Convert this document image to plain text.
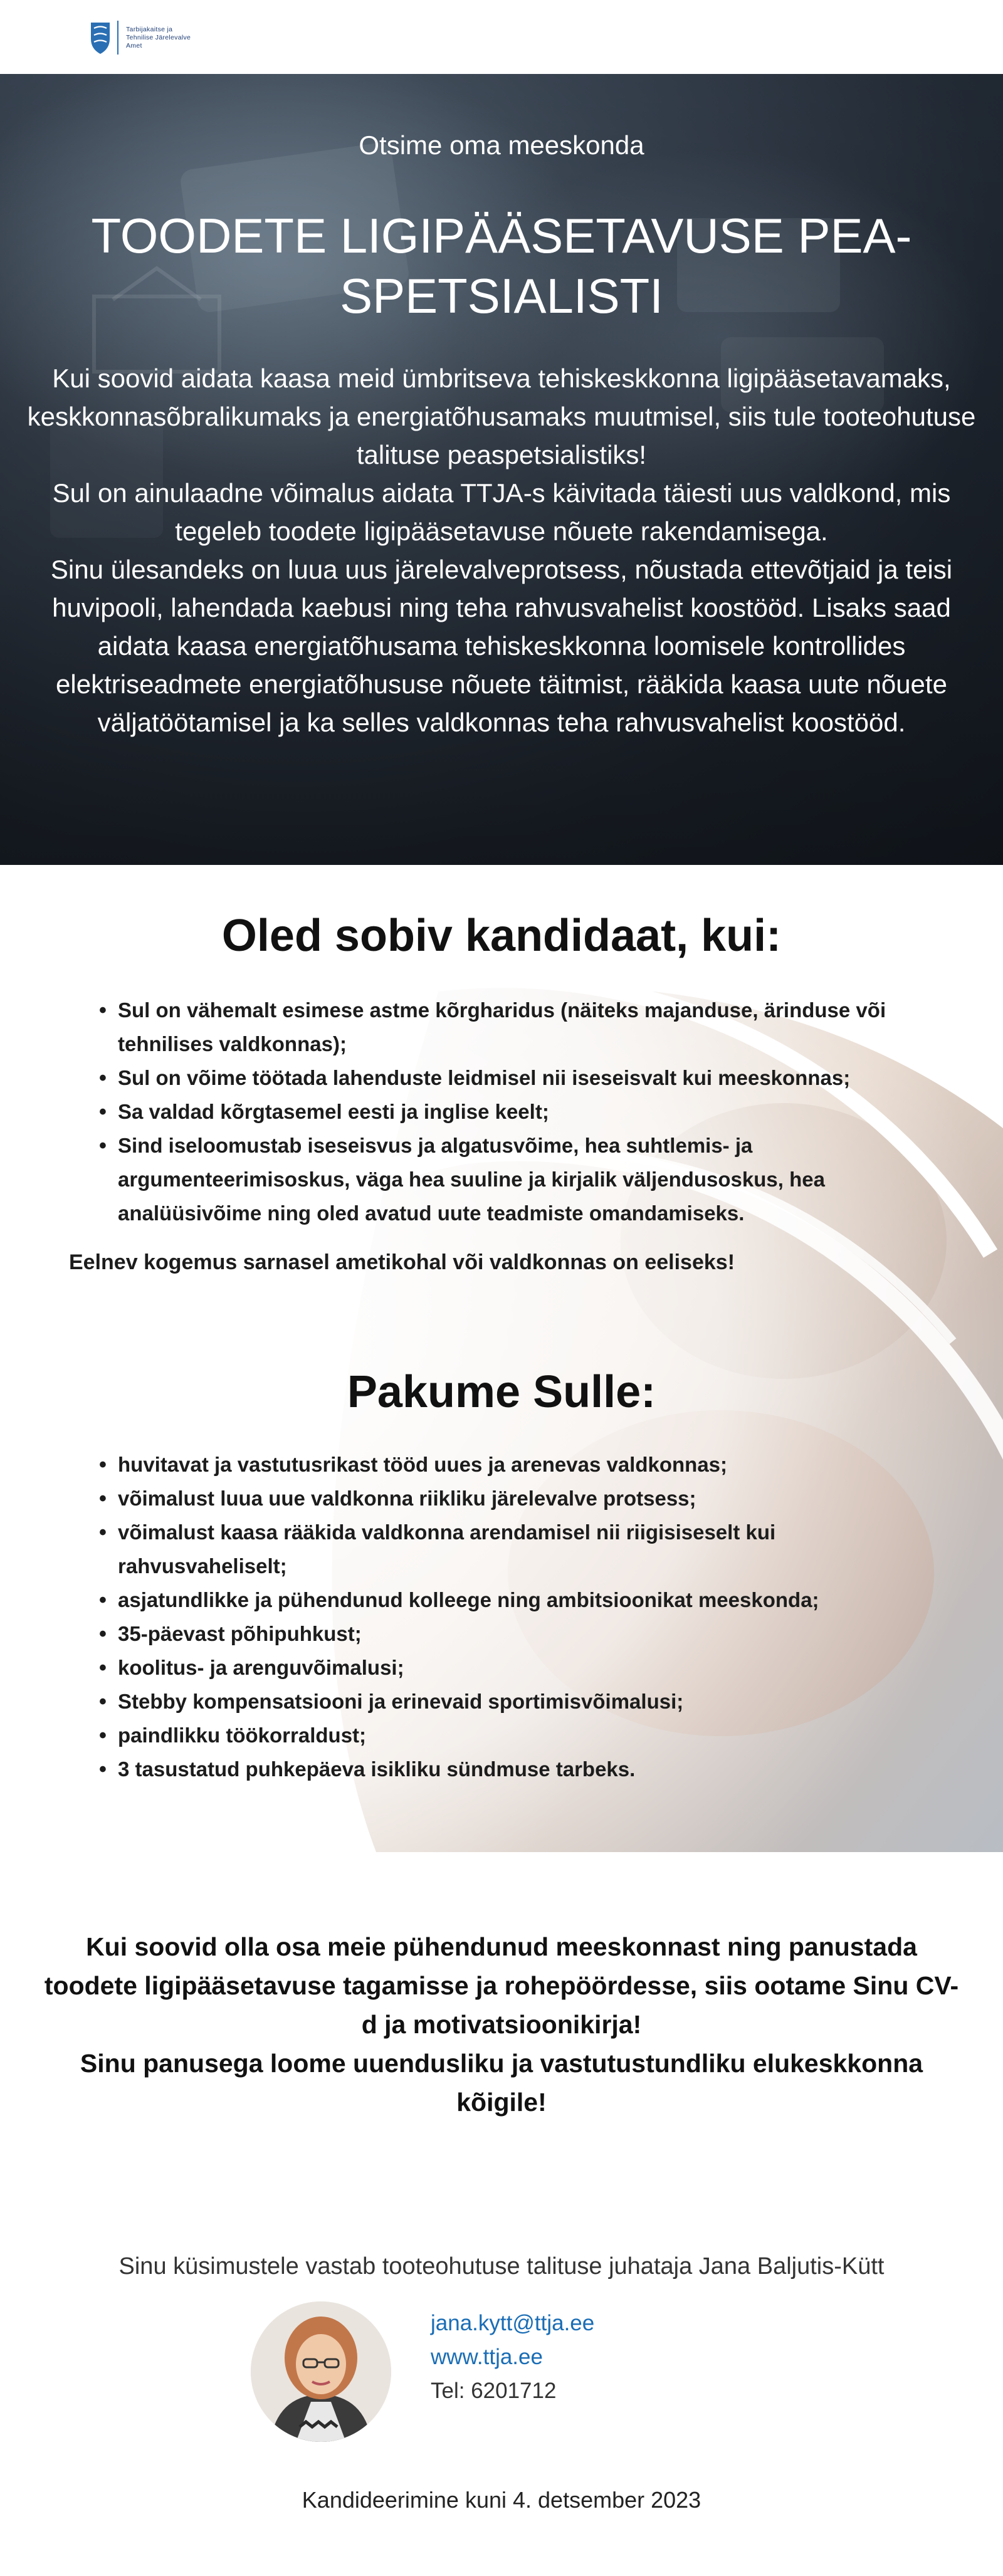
Tarbijakaitse ja
Tehnilise Järelevalve
Amet
Otsime oma meeskonda
TOODETE LIGIPÄÄSETAVUSE PEA-SPETSIALISTI

Kui soovid aidata kaasa meid ümbritseva tehiskeskkonna ligipääsetavamaks, keskkonnasõbralikumaks ja energiatõhusamaks muutmisel, siis tule tooteohutuse talituse peaspetsialistiks!

Sul on ainulaadne võimalus aidata TTJA-s käivitada täiesti uus valdkond, mis tegeleb toodete ligipääsetavuse nõuete rakendamisega.

Sinu ülesandeks on luua uus järelevalveprotsess, nõustada ettevõtjaid ja teisi huvipooli, lahendada kaebusi ning teha rahvusvahelist koostööd. Lisaks saad aidata kaasa energiatõhusama tehiskeskkonna loomisele kontrollides elektriseadmete energiatõhususe nõuete täitmist, rääkida kaasa uute nõuete väljatöötamisel ja ka selles valdkonnas teha rahvusvahelist koostööd.

Oled sobiv kandidaat, kui:
• Sul on vähemalt esimese astme kõrgharidus (näiteks majanduse, ärinduse või tehnilises valdkonnas);
• Sul on võime töötada lahenduste leidmisel nii iseseisvalt kui meeskonnas;
• Sa valdad kõrgtasemel eesti ja inglise keelt;
• Sind iseloomustab iseseisvus ja algatusvõime, hea suhtlemis- ja argumenteerimisoskus, väga hea suuline ja kirjalik väljendusoskus, hea analüüsivõime ning oled avatud uute teadmiste omandamiseks.
Eelnev kogemus sarnasel ametikohal või valdkonnas on eeliseks!
Pakume Sulle:
• huvitavat ja vastutusrikast tööd uues ja arenevas valdkonnas;
• võimalust luua uue valdkonna riikliku järelevalve protsess;
• võimalust kaasa rääkida valdkonna arendamisel nii riigisiseselt kui rahvusvaheliselt;
• asjatundlikke ja pühendunud kolleege ning ambitsioonikat meeskonda;
• 35-päevast põhipuhkust;
• koolitus- ja arenguvõimalusi;
• Stebby kompensatsiooni ja erinevaid sportimisvõimalusi;
• paindlikku töökorraldust;
• 3 tasustatud puhkepäeva isikliku sündmuse tarbeks.

Kui soovid olla osa meie pühendunud meeskonnast ning panustada toodete ligipääsetavuse tagamisse ja rohepöördesse, siis ootame Sinu CV-d ja motivatsioonikirja!

Sinu panusega loome uuendusliku ja vastutustundliku elukeskkonna kõigile!

Sinu küsimustele vastab tooteohutuse talituse juhataja Jana Baljutis-Kütt
jana.kytt@ttja.ee
www.ttja.ee
Tel: 6201712
Kandideerimine kuni 4. detsember 2023
